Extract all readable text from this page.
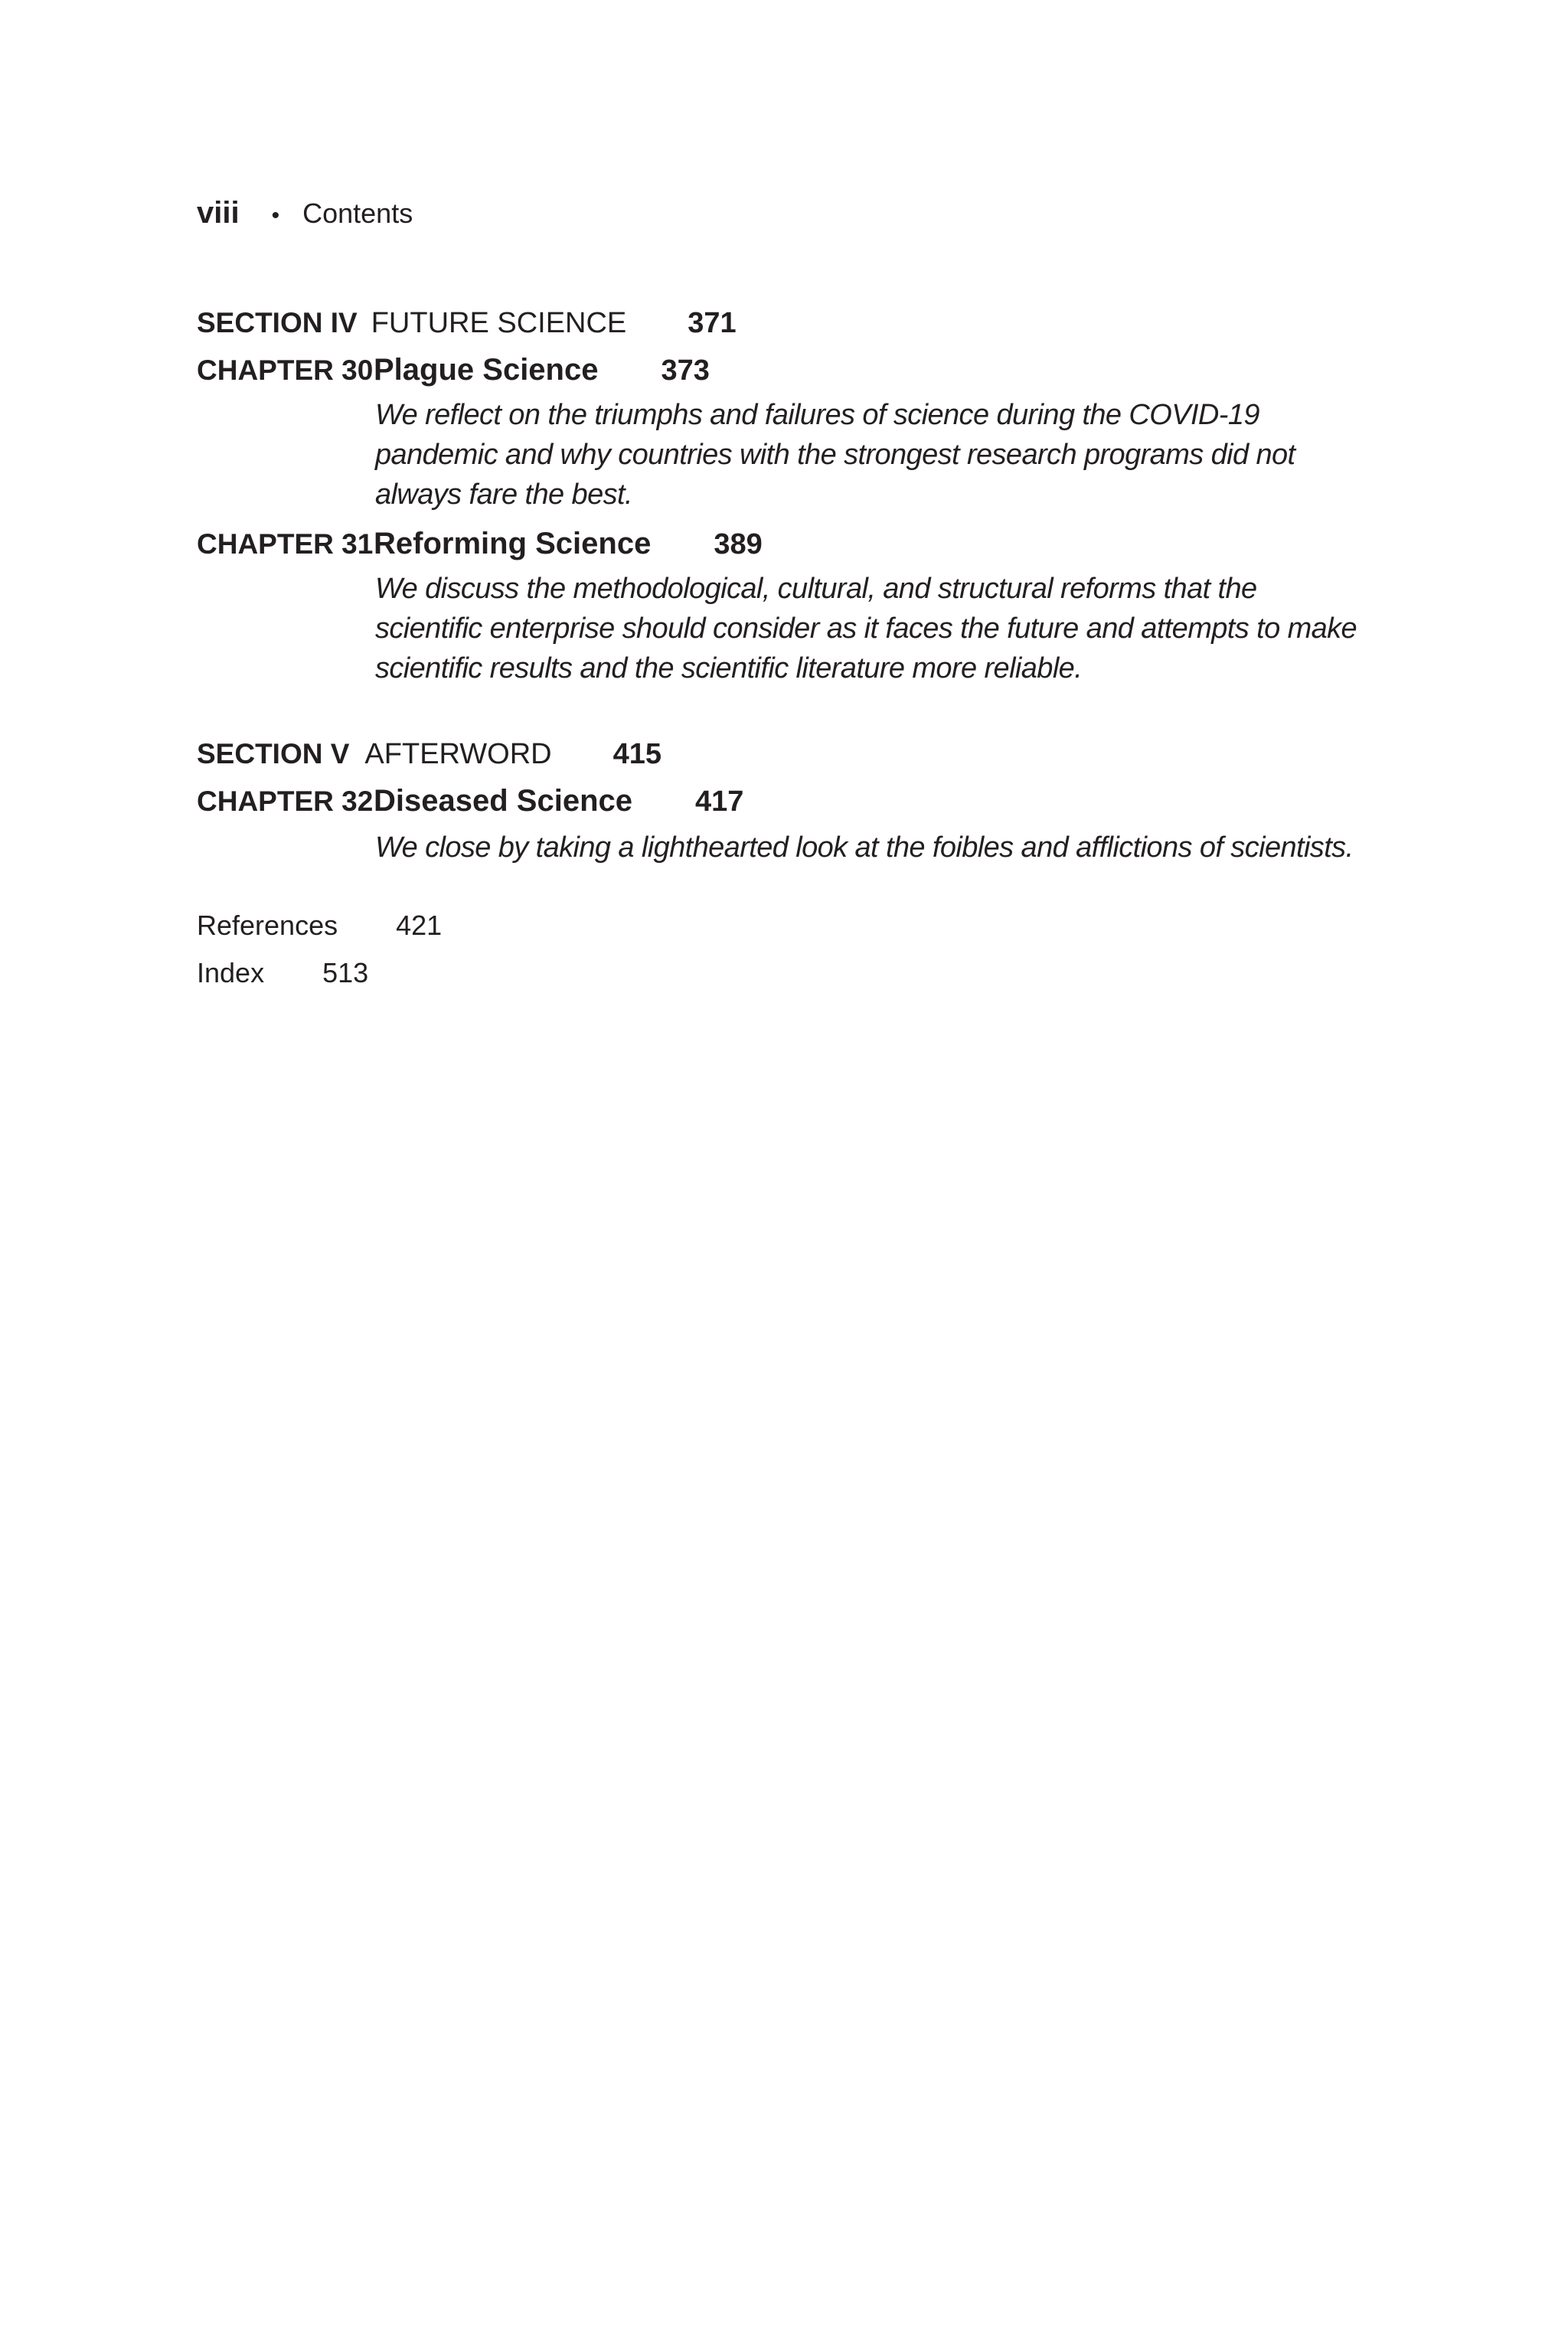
viii • Contents
SECTION IV FUTURE SCIENCE 371
CHAPTER 30 Plague Science 373

We reflect on the triumphs and failures of science during the COVID-19 pandemic and why countries with the strongest research programs did not always fare the best.

CHAPTER 31 Reforming Science 389

We discuss the methodological, cultural, and structural reforms that the scientific enterprise should consider as it faces the future and attempts to make scientific results and the scientific literature more reliable.

SECTION V AFTERWORD 415
CHAPTER 32 Diseased Science 417

We close by taking a lighthearted look at the foibles and afflictions of scientists.

References 421
Index 513
